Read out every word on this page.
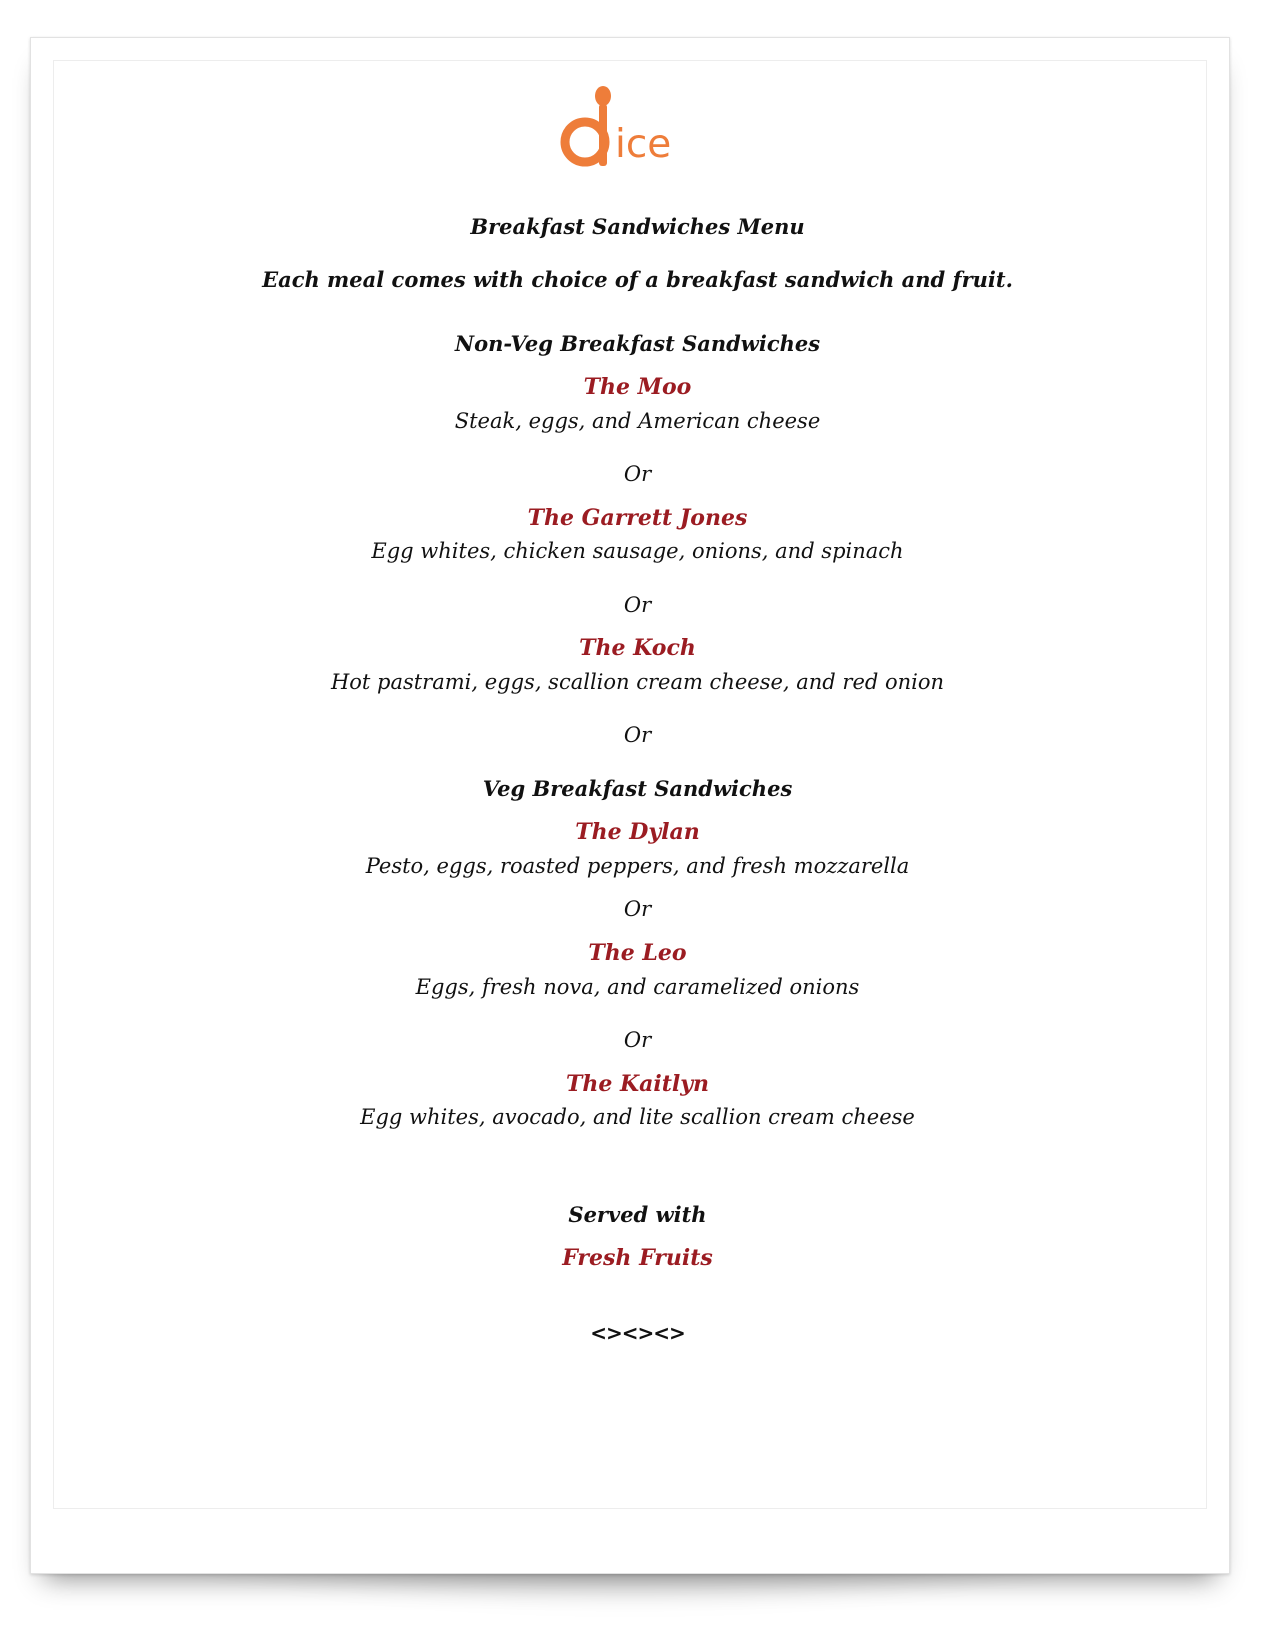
ice
Breakfast Sandwiches Menu
Each meal comes with choice of a breakfast sandwich and fruit.
Non-Veg Breakfast Sandwiches
The Moo
Steak, eggs, and American cheese
Or
The Garrett Jones
Egg whites, chicken sausage, onions, and spinach
Or
The Koch
Hot pastrami, eggs, scallion cream cheese, and red onion
Or
Veg Breakfast Sandwiches
The Dylan
Pesto, eggs, roasted peppers, and fresh mozzarella
Or
The Leo
Eggs, fresh nova, and caramelized onions
Or
The Kaitlyn
Egg whites, avocado, and lite scallion cream cheese
Served with
Fresh Fruits
<><><>
